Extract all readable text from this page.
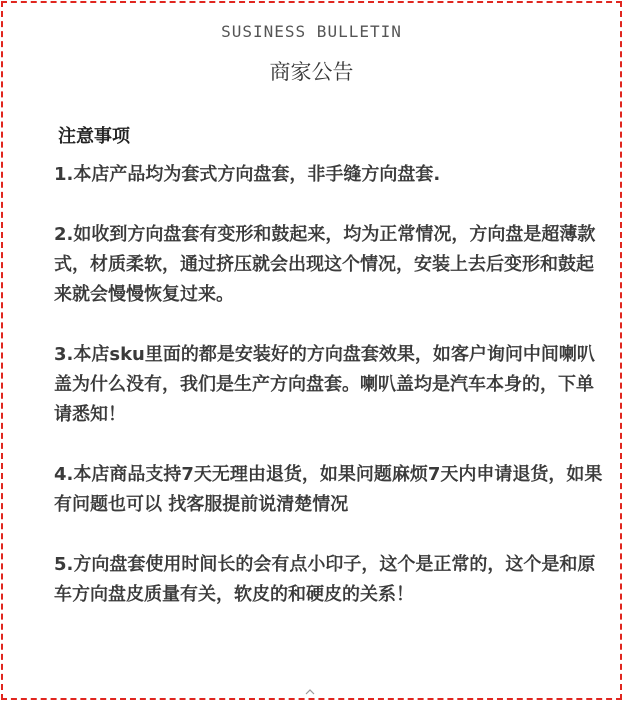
SUSINESS BULLETIN
商家公告
注意事项

1.本店产品均为套式方向盘套，非手缝方向盘套.

2.如收到方向盘套有变形和鼓起来，均为正常情况，方向盘是超薄款式，材质柔软，通过挤压就会出现这个情况，安装上去后变形和鼓起来就会慢慢恢复过来。

3.本店sku里面的都是安装好的方向盘套效果，如客户询问中间喇叭盖为什么没有，我们是生产方向盘套。喇叭盖均是汽车本身的，下单请悉知！

4.本店商品支持7天无理由退货，如果问题麻烦7天内申请退货，如果有问题也可以 找客服提前说清楚情况

5.方向盘套使用时间长的会有点小印子，这个是正常的，这个是和原车方向盘皮质量有关，软皮的和硬皮的关系！
